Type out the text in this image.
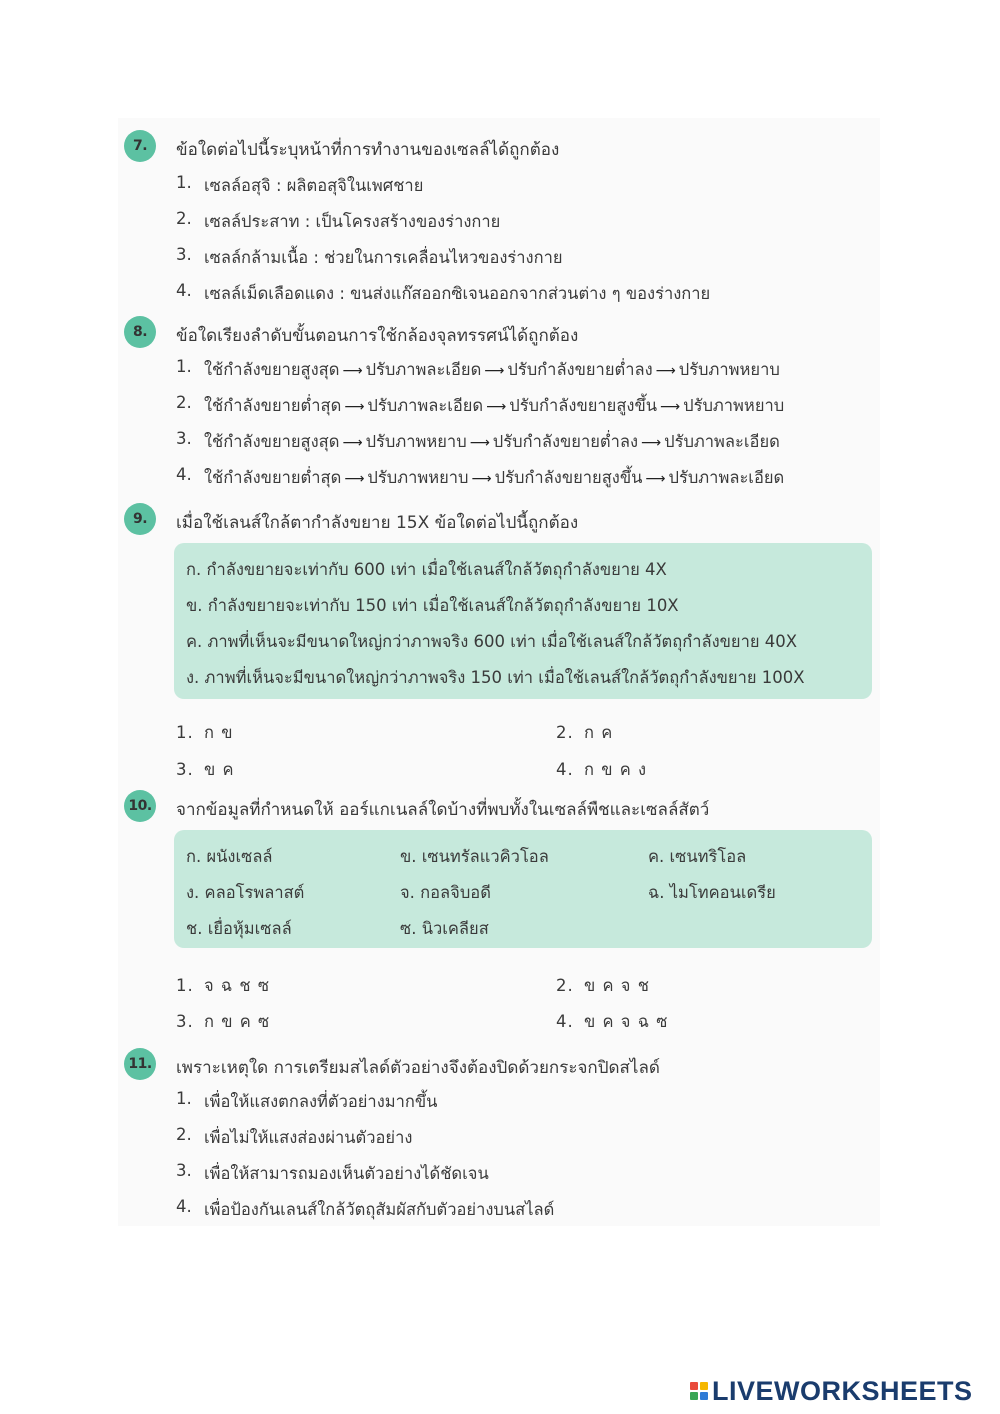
7.	ข้อใดต่อไปนี้ระบุหน้าที่การทำงานของเซลล์ได้ถูกต้อง
1. เซลล์อสุจิ : ผลิตอสุจิในเพศชาย
2. เซลล์ประสาท : เป็นโครงสร้างของร่างกาย
3. เซลล์กล้ามเนื้อ : ช่วยในการเคลื่อนไหวของร่างกาย
4. เซลล์เม็ดเลือดแดง : ขนส่งแก๊สออกซิเจนออกจากส่วนต่าง ๆ ของร่างกาย
8.	ข้อใดเรียงลำดับขั้นตอนการใช้กล้องจุลทรรศน์ได้ถูกต้อง
1. ใช้กำลังขยายสูงสุด ⟶ ปรับภาพละเอียด ⟶ ปรับกำลังขยายต่ำลง ⟶ ปรับภาพหยาบ
2. ใช้กำลังขยายต่ำสุด ⟶ ปรับภาพละเอียด ⟶ ปรับกำลังขยายสูงขึ้น ⟶ ปรับภาพหยาบ
3. ใช้กำลังขยายสูงสุด ⟶ ปรับภาพหยาบ ⟶ ปรับกำลังขยายต่ำลง ⟶ ปรับภาพละเอียด
4. ใช้กำลังขยายต่ำสุด ⟶ ปรับภาพหยาบ ⟶ ปรับกำลังขยายสูงขึ้น ⟶ ปรับภาพละเอียด
9.	เมื่อใช้เลนส์ใกล้ตากำลังขยาย 15X ข้อใดต่อไปนี้ถูกต้อง
ก. กำลังขยายจะเท่ากับ 600 เท่า เมื่อใช้เลนส์ใกล้วัตถุกำลังขยาย 4X
ข. กำลังขยายจะเท่ากับ 150 เท่า เมื่อใช้เลนส์ใกล้วัตถุกำลังขยาย 10X
ค. ภาพที่เห็นจะมีขนาดใหญ่กว่าภาพจริง 600 เท่า เมื่อใช้เลนส์ใกล้วัตถุกำลังขยาย 40X
ง. ภาพที่เห็นจะมีขนาดใหญ่กว่าภาพจริง 150 เท่า เมื่อใช้เลนส์ใกล้วัตถุกำลังขยาย 100X
1. ก ข	2. ก ค
3. ข ค	4. ก ข ค ง
10. จากข้อมูลที่กำหนดให้ ออร์แกเนลล์ใดบ้างที่พบทั้งในเซลล์พืชและเซลล์สัตว์
ก. ผนังเซลล์	ข. เซนทรัลแวคิวโอล	ค. เซนทริโอล
ง. คลอโรพลาสต์	จ. กอลจิบอดี	ฉ. ไมโทคอนเดรีย
ช. เยื่อหุ้มเซลล์	ซ. นิวเคลียส
1. จ ฉ ช ซ	2. ข ค จ ช
3. ก ข ค ซ	4. ข ค จ ฉ ซ
11. เพราะเหตุใด การเตรียมสไลด์ตัวอย่างจึงต้องปิดด้วยกระจกปิดสไลด์
1. เพื่อให้แสงตกลงที่ตัวอย่างมากขึ้น
2. เพื่อไม่ให้แสงส่องผ่านตัวอย่าง
3. เพื่อให้สามารถมองเห็นตัวอย่างได้ชัดเจน
4. เพื่อป้องกันเลนส์ใกล้วัตถุสัมผัสกับตัวอย่างบนสไลด์
LIVEWORKSHEETS
